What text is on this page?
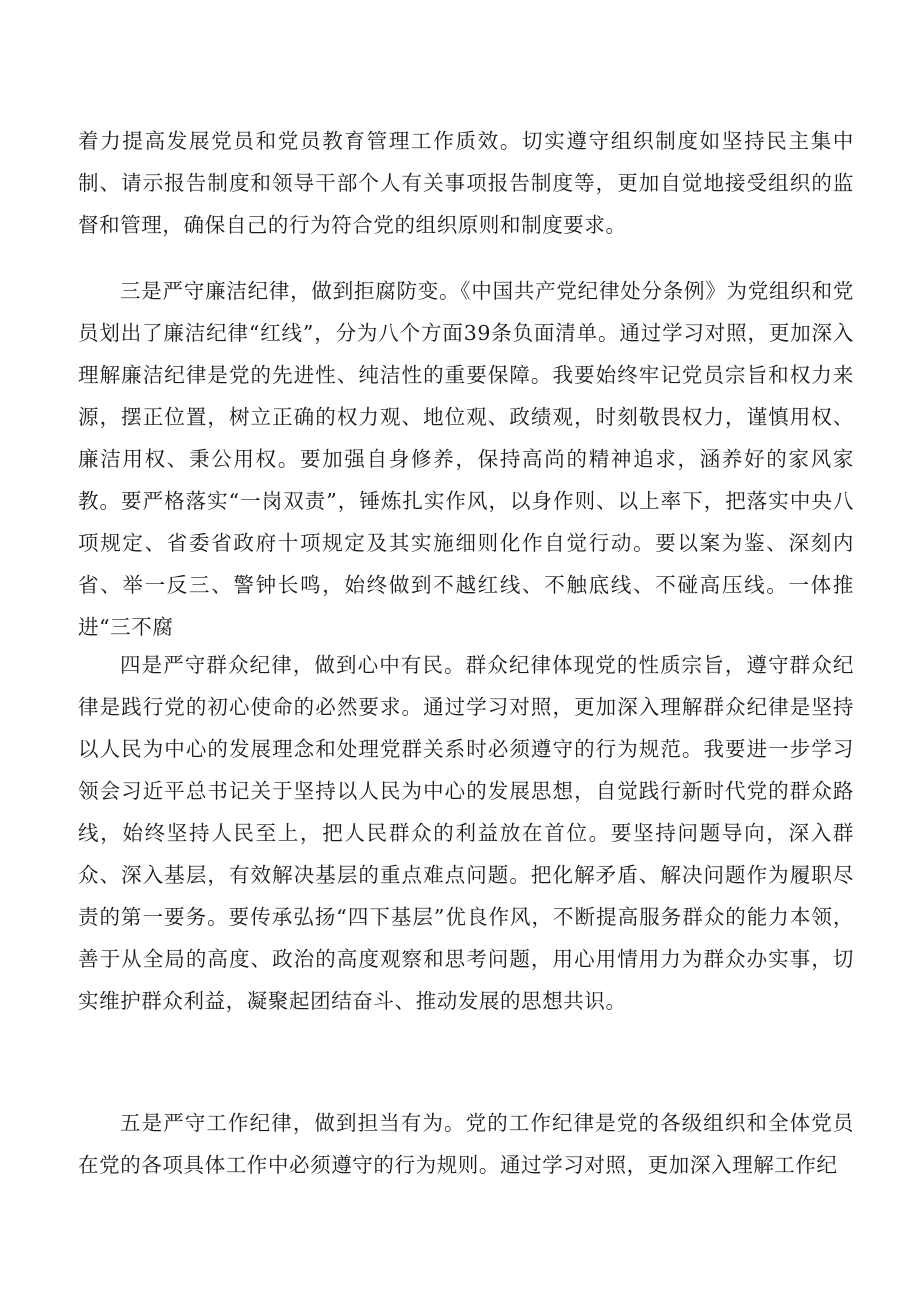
着力提高发展党员和党员教育管理工作质效。切实遵守组织制度如坚持民主集中制、请示报告制度和领导干部个人有关事项报告制度等，更加自觉地接受组织的监督和管理，确保自己的行为符合党的组织原则和制度要求。

三是严守廉洁纪律，做到拒腐防变。《中国共产党纪律处分条例》为党组织和党员划出了廉洁纪律“红线”，分为八个方面39条负面清单。通过学习对照，更加深入理解廉洁纪律是党的先进性、纯洁性的重要保障。我要始终牢记党员宗旨和权力来源，摆正位置，树立正确的权力观、地位观、政绩观，时刻敬畏权力，谨慎用权、廉洁用权、秉公用权。要加强自身修养，保持高尚的精神追求，涵养好的家风家教。要严格落实“一岗双责”，锤炼扎实作风，以身作则、以上率下，把落实中央八项规定、省委省政府十项规定及其实施细则化作自觉行动。要以案为鉴、深刻内省、举一反三、警钟长鸣，始终做到不越红线、不触底线、不碰高压线。一体推进“三不腐

四是严守群众纪律，做到心中有民。群众纪律体现党的性质宗旨，遵守群众纪律是践行党的初心使命的必然要求。通过学习对照，更加深入理解群众纪律是坚持以人民为中心的发展理念和处理党群关系时必须遵守的行为规范。我要进一步学习领会习近平总书记关于坚持以人民为中心的发展思想，自觉践行新时代党的群众路线，始终坚持人民至上，把人民群众的利益放在首位。要坚持问题导向，深入群众、深入基层，有效解决基层的重点难点问题。把化解矛盾、解决问题作为履职尽责的第一要务。要传承弘扬“四下基层”优良作风，不断提高服务群众的能力本领，善于从全局的高度、政治的高度观察和思考问题，用心用情用力为群众办实事，切实维护群众利益，凝聚起团结奋斗、推动发展的思想共识。

五是严守工作纪律，做到担当有为。党的工作纪律是党的各级组织和全体党员在党的各项具体工作中必须遵守的行为规则。通过学习对照，更加深入理解工作纪
